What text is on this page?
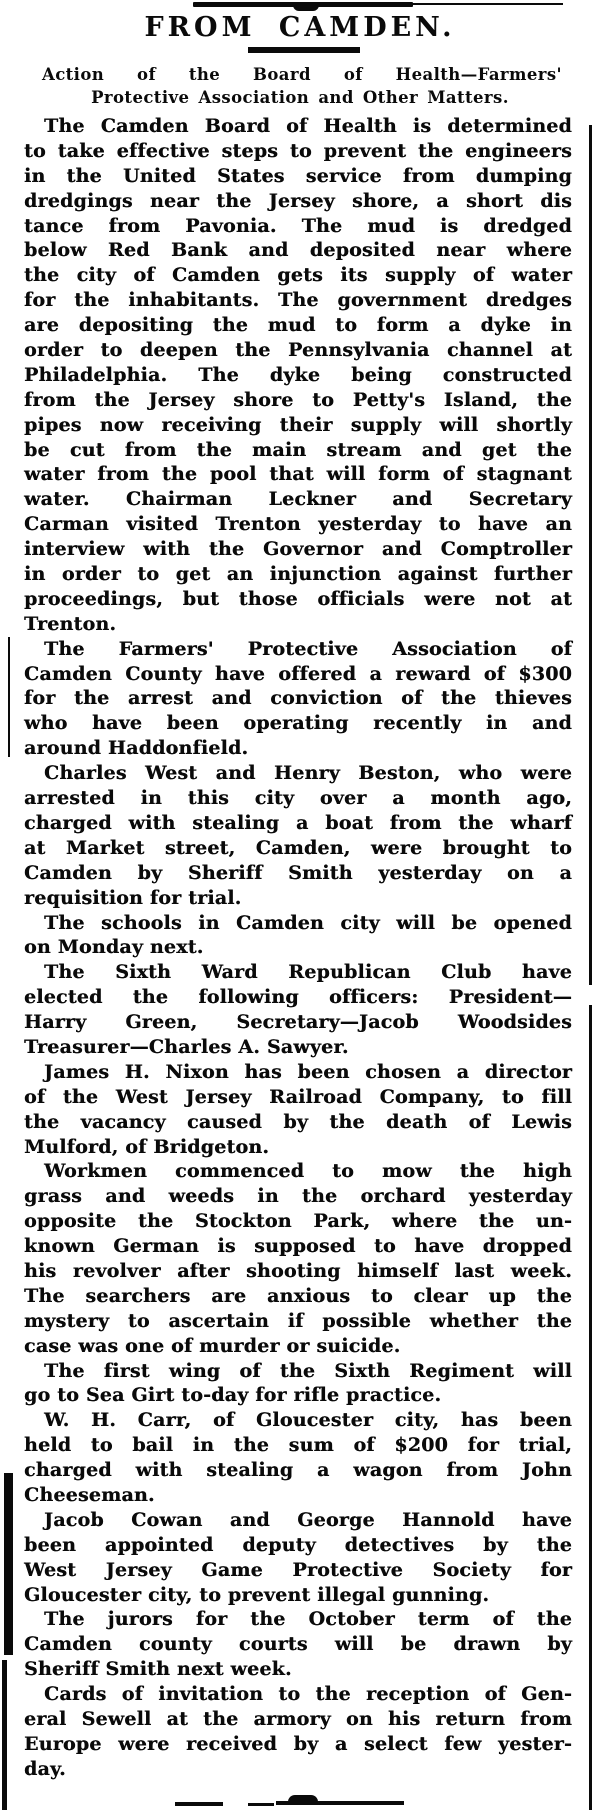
FROM CAMDEN.
Action of the Board of Health—Farmers'
Protective Association and Other Matters.
The Camden Board of Health is determined
to take effective steps to prevent the engineers
in the United States service from dumping
dredgings near the Jersey shore, a short dis
tance from Pavonia. The mud is dredged
below Red Bank and deposited near where
the city of Camden gets its supply of water
for the inhabitants. The government dredges
are depositing the mud to form a dyke in
order to deepen the Pennsylvania channel at
Philadelphia. The dyke being constructed
from the Jersey shore to Petty's Island, the
pipes now receiving their supply will shortly
be cut from the main stream and get the
water from the pool that will form of stagnant
water. Chairman Leckner and Secretary
Carman visited Trenton yesterday to have an
interview with the Governor and Comptroller
in order to get an injunction against further
proceedings, but those officials were not at
Trenton.
The Farmers' Protective Association of
Camden County have offered a reward of $300
for the arrest and conviction of the thieves
who have been operating recently in and
around Haddonfield.
Charles West and Henry Beston, who were
arrested in this city over a month ago,
charged with stealing a boat from the wharf
at Market street, Camden, were brought to
Camden by Sheriff Smith yesterday on a
requisition for trial.
The schools in Camden city will be opened
on Monday next.
The Sixth Ward Republican Club have
elected the following officers: President—
Harry Green, Secretary—Jacob Woodsides
Treasurer—Charles A. Sawyer.
James H. Nixon has been chosen a director
of the West Jersey Railroad Company, to fill
the vacancy caused by the death of Lewis
Mulford, of Bridgeton.
Workmen commenced to mow the high
grass and weeds in the orchard yesterday
opposite the Stockton Park, where the un-
known German is supposed to have dropped
his revolver after shooting himself last week.
The searchers are anxious to clear up the
mystery to ascertain if possible whether the
case was one of murder or suicide.
The first wing of the Sixth Regiment will
go to Sea Girt to-day for rifle practice.
W. H. Carr, of Gloucester city, has been
held to bail in the sum of $200 for trial,
charged with stealing a wagon from John
Cheeseman.
Jacob Cowan and George Hannold have
been appointed deputy detectives by the
West Jersey Game Protective Society for
Gloucester city, to prevent illegal gunning.
The jurors for the October term of the
Camden county courts will be drawn by
Sheriff Smith next week.
Cards of invitation to the reception of Gen-
eral Sewell at the armory on his return from
Europe were received by a select few yester-
day.
